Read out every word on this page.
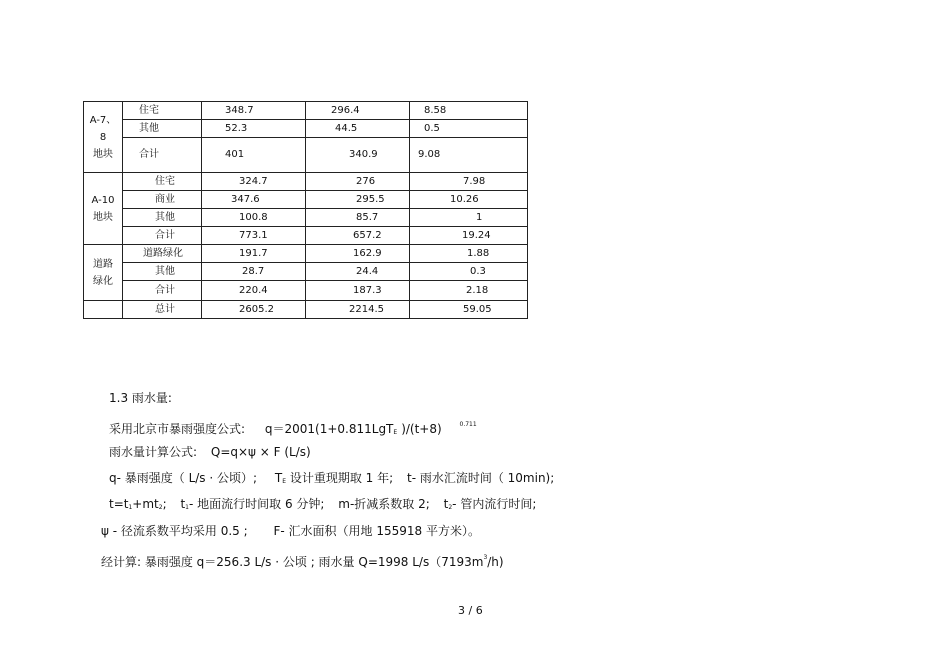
A-7、
8
地块	住宅	348.7	296.4	8.58
	其他	52.3	44.5	0.5
	合计	401	340.9	9.08

A-10
地块	住宅	324.7	276	7.98
	商业	347.6	295.5	10.26
	其他	100.8	85.7	1
	合计	773.1	657.2	19.24

道路
绿化	道路绿化	191.7	162.9	1.88
	其他	28.7	24.4	0.3
	合计	220.4	187.3	2.18
	总计	2605.2	2214.5	59.05
1.3 雨水量:
采用北京市暴雨强度公式: q＝2001(1+0.811LgTE )/(t+8)	$^{0.711}$
雨水量计算公式: Q=q×ψ × F (L/s)
q- 暴雨强度（ L/s · 公顷）; TE 设计重现期取 1 年; t- 雨水汇流时间（ 10min);
t=t1+mt2; t1- 地面流行时间取 6 分钟; m-折减系数取 2; t2- 管内流行时间;
ψ - 径流系数平均采用 0.5 ; F- 汇水面积（用地 155918 平方米）。
经计算: 暴雨强度 q＝256.3 L/s · 公顷 ; 雨水量 Q=1998 $L/s(7193m^3/h)$
3 / 6
